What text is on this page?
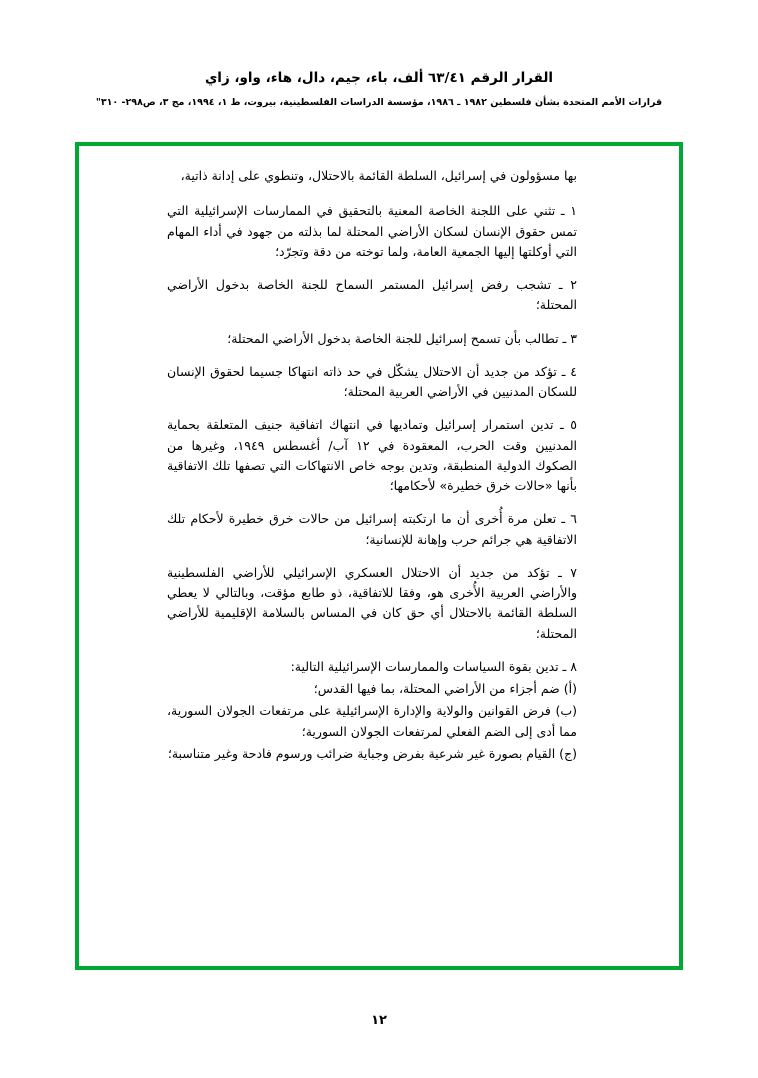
القرار الرقم ٦٣/٤١ ألف، باء، جيم، دال، هاء، واو، زاي
قرارات الأمم المتحدة بشأن فلسطين ١٩٨٢ ـ ١٩٨٦، مؤسسة الدراسات الفلسطينية، بيروت، ط ١، ١٩٩٤، مج ٣، ص٢٩٨- ٣١٠"

بها مسؤولون في إسرائيل، السلطة القائمة بالاحتلال، وتنطوي على إدانة ذاتية،

١ ـ تثني على اللجنة الخاصة المعنية بالتحقيق في الممارسات الإسرائيلية التي تمس حقوق الإنسان لسكان الأراضي المحتلة لما بذلته من جهود في أداء المهام التي أوكلتها إليها الجمعية العامة، ولما توخته من دقة وتجرّد؛

٢ ـ تشجب رفض إسرائيل المستمر السماح للجنة الخاصة بدخول الأراضي المحتلة؛

٣ ـ تطالب بأن تسمح إسرائيل للجنة الخاصة بدخول الأراضي المحتلة؛

٤ ـ تؤكد من جديد أن الاحتلال يشكّل في حد ذاته انتهاكا جسيما لحقوق الإنسان للسكان المدنيين في الأراضي العربية المحتلة؛

٥ ـ تدين استمرار إسرائيل وتمادیها في انتهاك اتفاقية جنيف المتعلقة بحماية المدنيين وقت الحرب، المعقودة في ١٢ آب/ أغسطس ١٩٤٩، وغيرها من الصكوك الدولية المنطبقة، وتدين بوجه خاص الانتهاكات التي تصفها تلك الاتفاقية بأنها «حالات خرق خطيرة» لأحكامها؛

٦ ـ تعلن مرة أُخرى أن ما ارتكبته إسرائيل من حالات خرق خطيرة لأحكام تلك الاتفاقية هي جرائم حرب وإهانة للإنسانية؛

٧ ـ تؤكد من جديد أن الاحتلال العسكري الإسرائيلي للأراضي الفلسطينية والأراضي العربية الأُخرى هو، وفقا للاتفاقية، ذو طابع مؤقت، وبالتالي لا يعطي السلطة القائمة بالاحتلال أي حق كان في المساس بالسلامة الإقليمية للأراضي المحتلة؛

٨ ـ تدين بقوة السياسات والممارسات الإسرائيلية التالية:

(أ) ضم أجزاء من الأراضي المحتلة، بما فيها القدس؛

(ب) فرض القوانين والولاية والإدارة الإسرائيلية على مرتفعات الجولان السورية، مما أدى إلى الضم الفعلي لمرتفعات الجولان السورية؛

(ج) القيام بصورة غير شرعية بفرض وجباية ضرائب ورسوم فادحة وغير متناسبة؛

١٢
